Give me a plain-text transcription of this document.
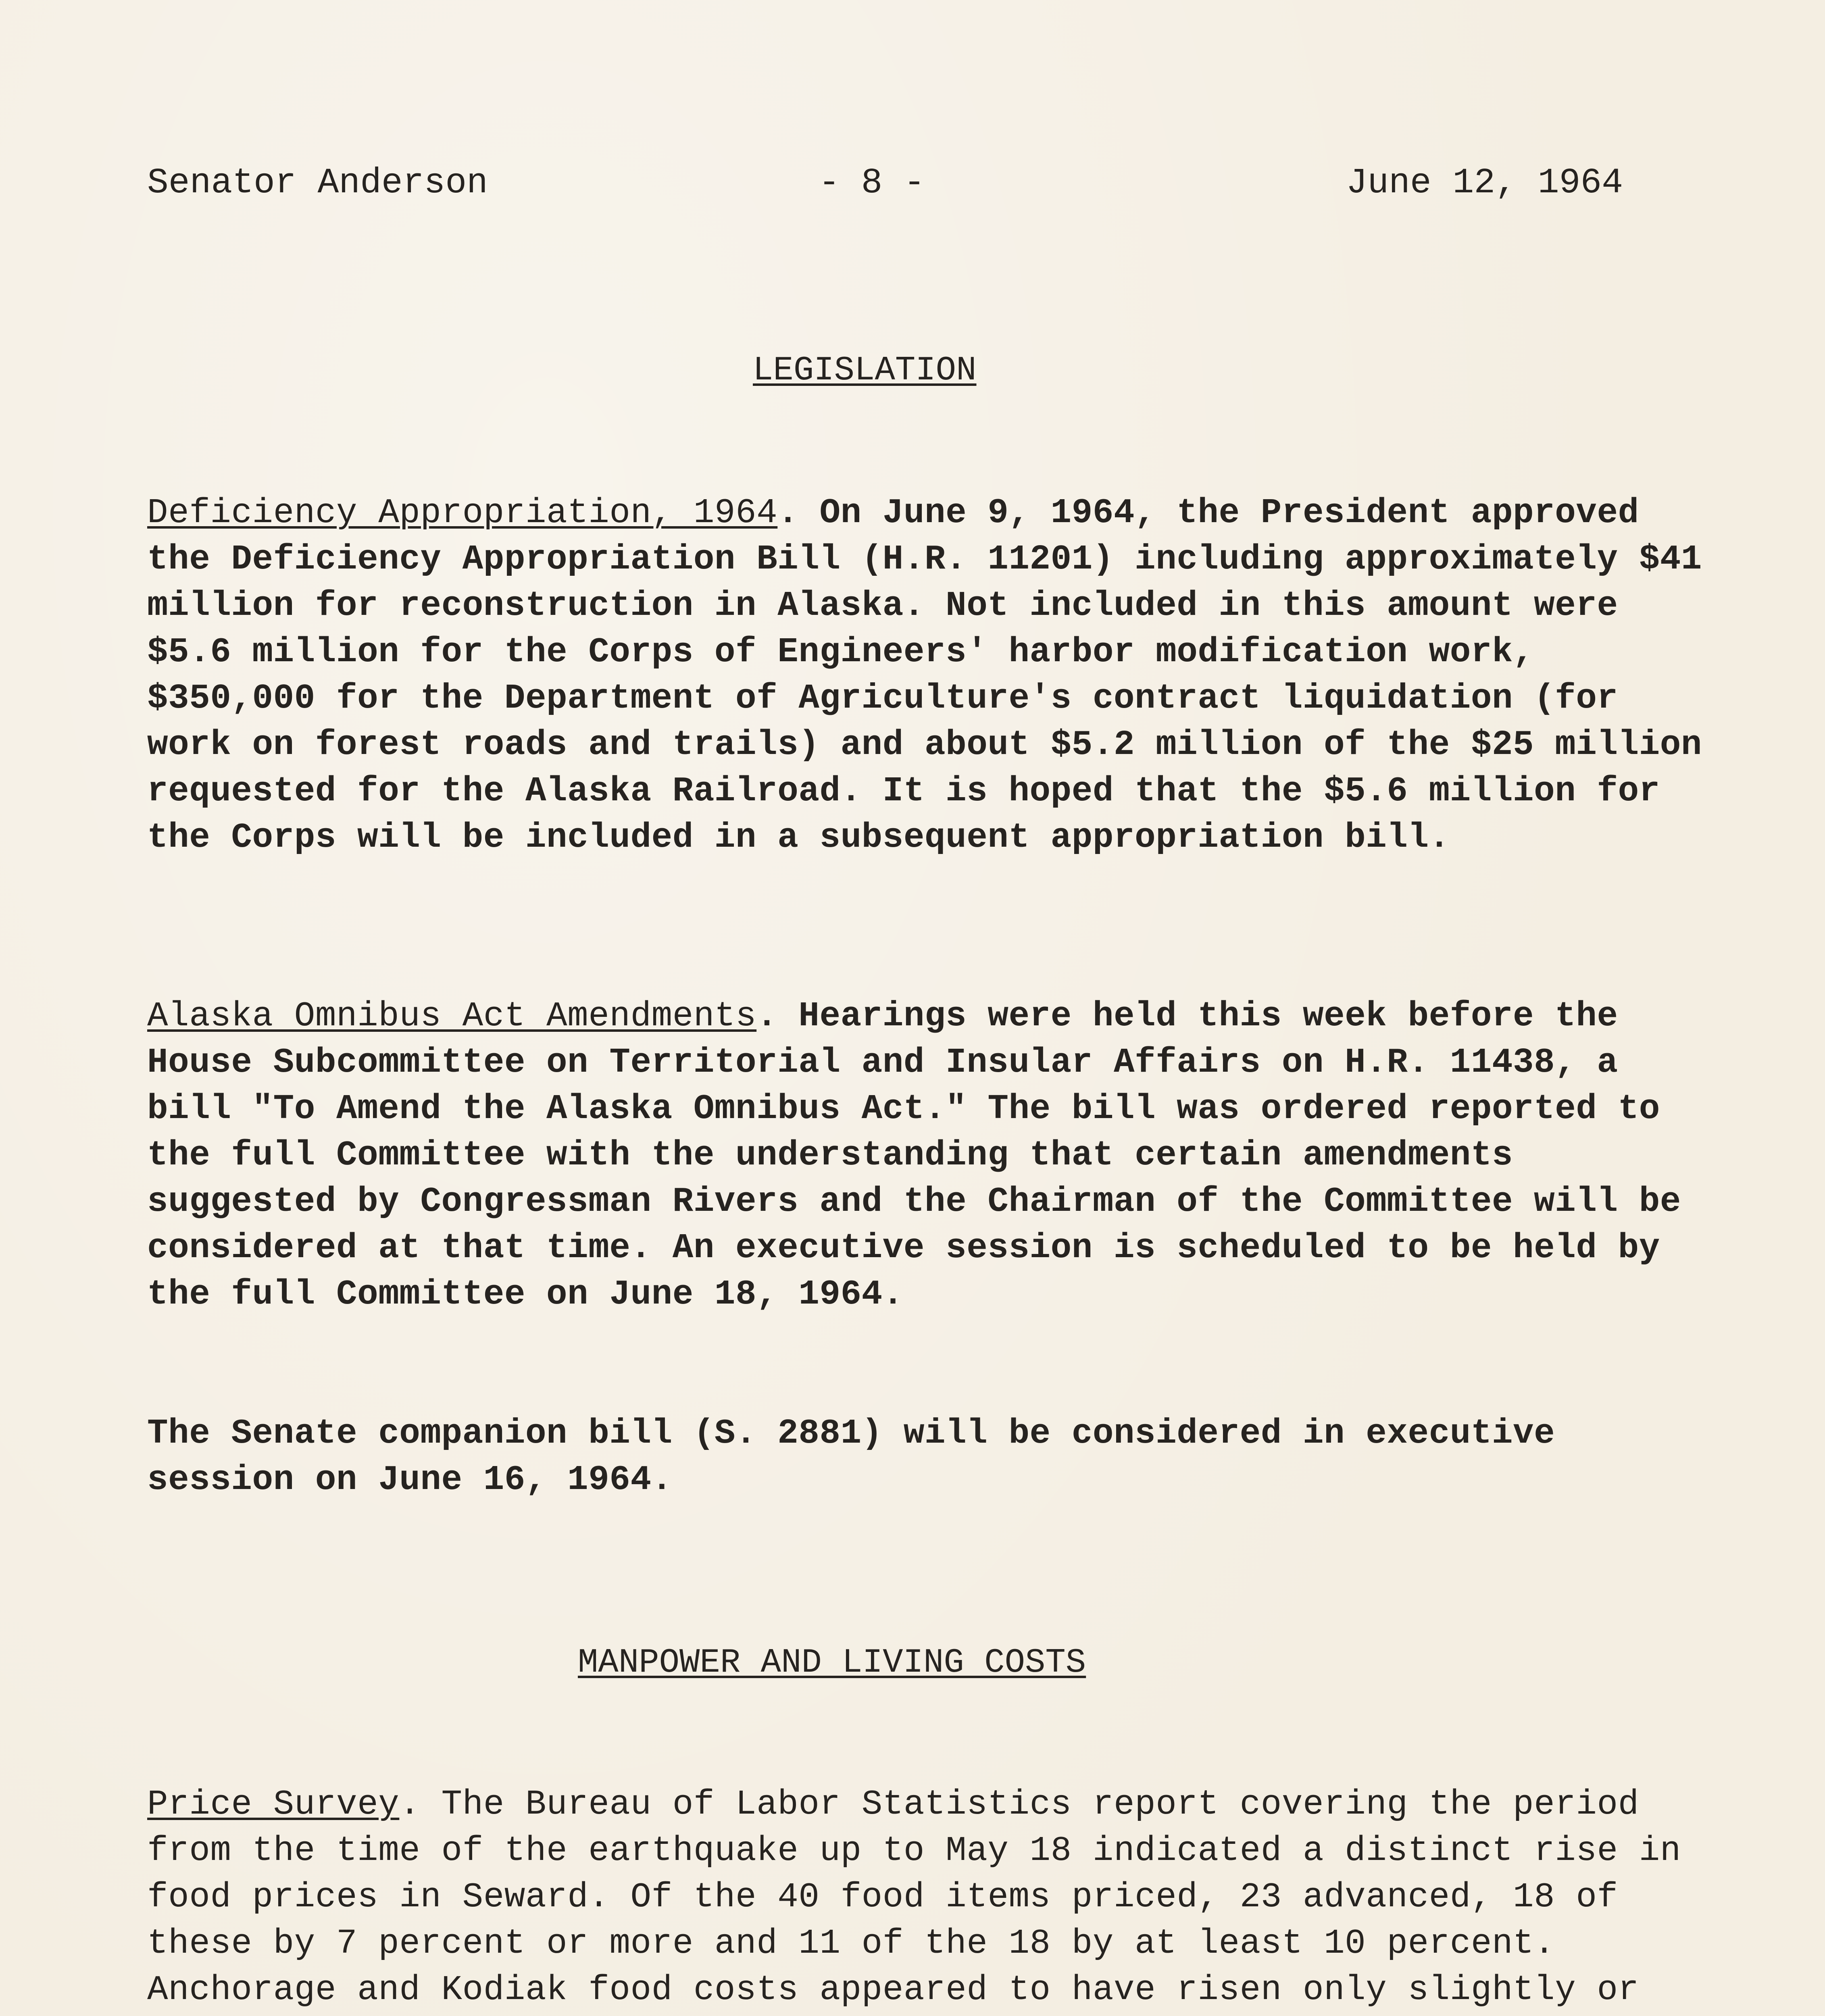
Senator Anderson	- 8 -	June 12, 1964
LEGISLATION

Deficiency Appropriation, 1964. On June 9, 1964, the President approved the Deficiency Appropriation Bill (H.R. 11201) including approximately $41 million for reconstruction in Alaska. Not included in this amount were $5.6 million for the Corps of Engineers' harbor modification work, $350,000 for the Department of Agriculture's contract liquidation (for work on forest roads and trails) and about $5.2 million of the $25 million requested for the Alaska Railroad. It is hoped that the $5.6 million for the Corps will be included in a subsequent appropriation bill.

Alaska Omnibus Act Amendments. Hearings were held this week before the House Subcommittee on Territorial and Insular Affairs on H.R. 11438, a bill "To Amend the Alaska Omnibus Act." The bill was ordered reported to the full Committee with the understanding that certain amendments suggested by Congressman Rivers and the Chairman of the Committee will be considered at that time. An executive session is scheduled to be held by the full Committee on June 18, 1964.

The Senate companion bill (S. 2881) will be considered in executive session on June 16, 1964.

MANPOWER AND LIVING COSTS

Price Survey. The Bureau of Labor Statistics report covering the period from the time of the earthquake up to May 18 indicated a distinct rise in food prices in Seward. Of the 40 food items priced, 23 advanced, 18 of these by 7 percent or more and 11 of the 18 by at least 10 percent. Anchorage and Kodiak food costs appeared to have risen only slightly or
